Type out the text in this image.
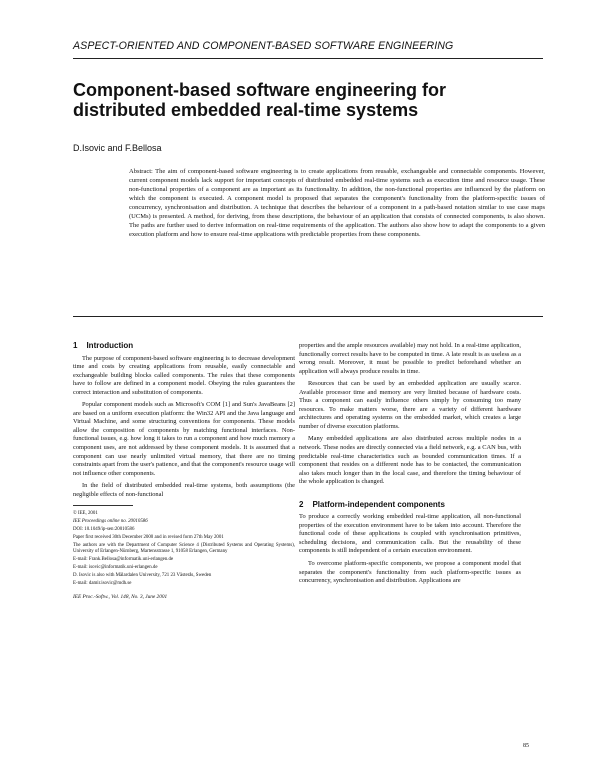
ASPECT-ORIENTED AND COMPONENT-BASED SOFTWARE ENGINEERING
Component-based software engineering for
distributed embedded real-time systems
D.Isovic and F.Bellosa
Abstract: The aim of component-based software engineering is to create applications from reusable, exchangeable and connectable components. However, current component models lack support for important concepts of distributed embedded real-time systems such as execution time and resource usage. These non-functional properties of a component are as important as its functionality. In addition, the non-functional properties are influenced by the platform on which the component is executed. A component model is proposed that separates the component's functionality from the platform-specific issues of concurrency, synchronisation and distribution. A technique that describes the behaviour of a component in a path-based notation similar to use case maps (UCMs) is presented. A method, for deriving, from these descriptions, the behaviour of an application that consists of connected components, is also shown. The paths are further used to derive information on real-time requirements of the application. The authors also show how to adapt the components to a given execution platform and how to ensure real-time applications with predictable properties from these components.

1 Introduction

The purpose of component-based software engineering is to decrease development time and costs by creating applications from reusable, easily connectable and exchangeable building blocks called components. The rules that these components have to follow are defined in a component model. Obeying the rules guarantees the correct interaction and substitution of components.

Popular component models such as Microsoft's COM [1] and Sun's JavaBeans [2] are based on a uniform execution platform: the Win32 API and the Java language and Virtual Machine, and some structuring conventions for components. These models allow the composition of components by matching functional interfaces. Non-functional issues, e.g. how long it takes to run a component and how much memory a component uses, are not addressed by these component models. It is assumed that a component can use nearly unlimited virtual memory, that there are no timing constraints apart from the user's patience, and that the component's resource usage will not influence other components.

In the field of distributed embedded real-time systems, both assumptions (the negligible effects of non-functional

© IEE, 2001
IEE Proceedings online no. 20010586
DOI: 10.1049/ip-sen:20010586
Paper first received 30th December 2000 and in revised form 27th May 2001
The authors are with the Department of Computer Science 4 (Distributed Systems and Operating Systems), University of Erlangen-Nürnberg, Martensstrasse 1, 91058 Erlangen, Germany
E-mail: Frank.Bellosa@informatik.uni-erlangen.de
E-mail: isovic@informatik.uni-erlangen.de
D. Isovic is also with Mälardalen University, 721 23 Västerås, Sweden
E-mail: damir.isovic@mdh.se
IEE Proc.-Softw., Vol. 148, No. 3, June 2001

properties and the ample resources available) may not hold. In a real-time application, functionally correct results have to be computed in time. A late result is as useless as a wrong result. Moreover, it must be possible to predict beforehand whether an application will always produce results in time.

Resources that can be used by an embedded application are usually scarce. Available processor time and memory are very limited because of hardware costs. Thus a component can easily influence others simply by consuming too many resources. To make matters worse, there are a variety of different hardware architectures and operating systems on the embedded market, which creates a large number of diverse execution platforms.

Many embedded applications are also distributed across multiple nodes in a network. These nodes are directly connected via a field network, e.g. a CAN bus, with predictable real-time characteristics such as bounded communication times. If a component that resides on a different node has to be contacted, the communication also takes much longer than in the local case, and therefore the timing behaviour of the whole application is changed.

2 Platform-independent components

To produce a correctly working embedded real-time application, all non-functional properties of the execution environment have to be taken into account. Therefore the functional code of these applications is coupled with synchronisation primitives, scheduling decisions, and communication calls. But the reusability of these components is still independent of a certain execution environment.

To overcome platform-specific components, we propose a component model that separates the component's functionality from such platform-specific issues as concurrency, synchronisation and distribution. Applications are

85
